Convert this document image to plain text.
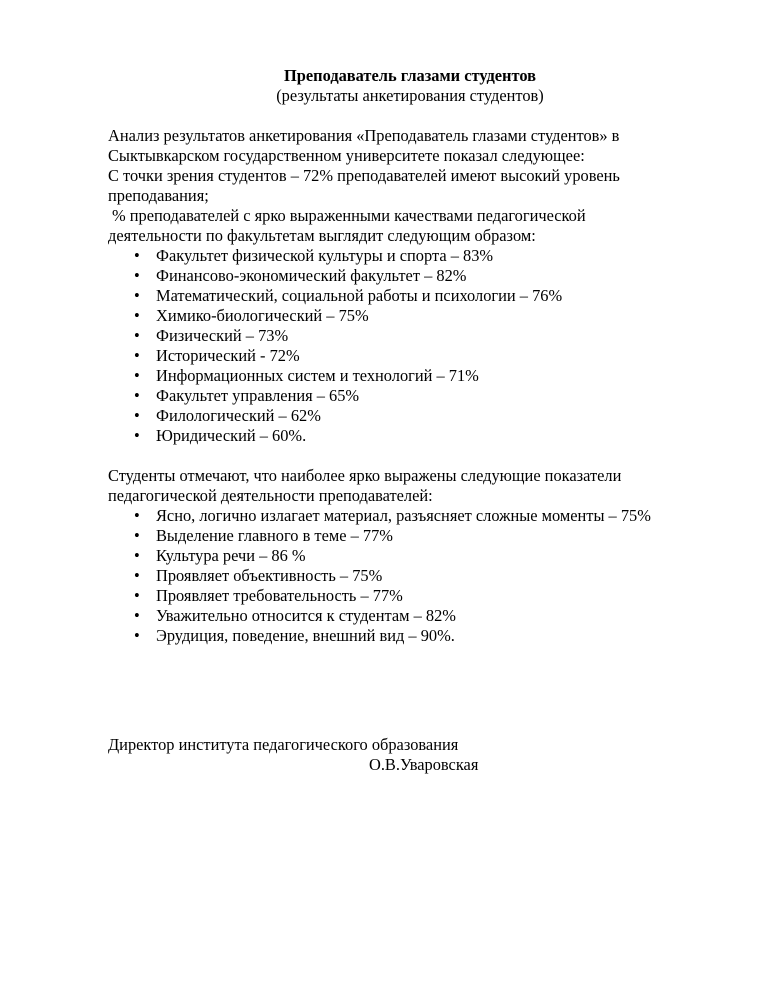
Преподаватель глазами студентов
(результаты анкетирования студентов)

Анализ результатов анкетирования «Преподаватель глазами студентов» в

Сыктывкарском государственном университете показал следующее:

С точки зрения студентов – 72% преподавателей имеют высокий уровень

преподавания;

% преподавателей с ярко выраженными качествами педагогической

деятельности по факультетам выглядит следующим образом:

• Факультет физической культуры и спорта – 83%
• Финансово-экономический факультет – 82%
• Математический, социальной работы и психологии – 76%
• Химико-биологический – 75%
• Физический – 73%
• Исторический - 72%
• Информационных систем и технологий – 71%
• Факультет управления – 65%
• Филологический – 62%
• Юридический – 60%.

Студенты отмечают, что наиболее ярко выражены следующие показатели

педагогической деятельности преподавателей:

• Ясно, логично излагает материал, разъясняет сложные моменты – 75%
• Выделение главного в теме – 77%
• Культура речи – 86 %
• Проявляет объективность – 75%
• Проявляет требовательность – 77%
• Уважительно относится к студентам – 82%
• Эрудиция, поведение, внешний вид – 90%.
Директор института педагогического образования
О.В.Уваровская
